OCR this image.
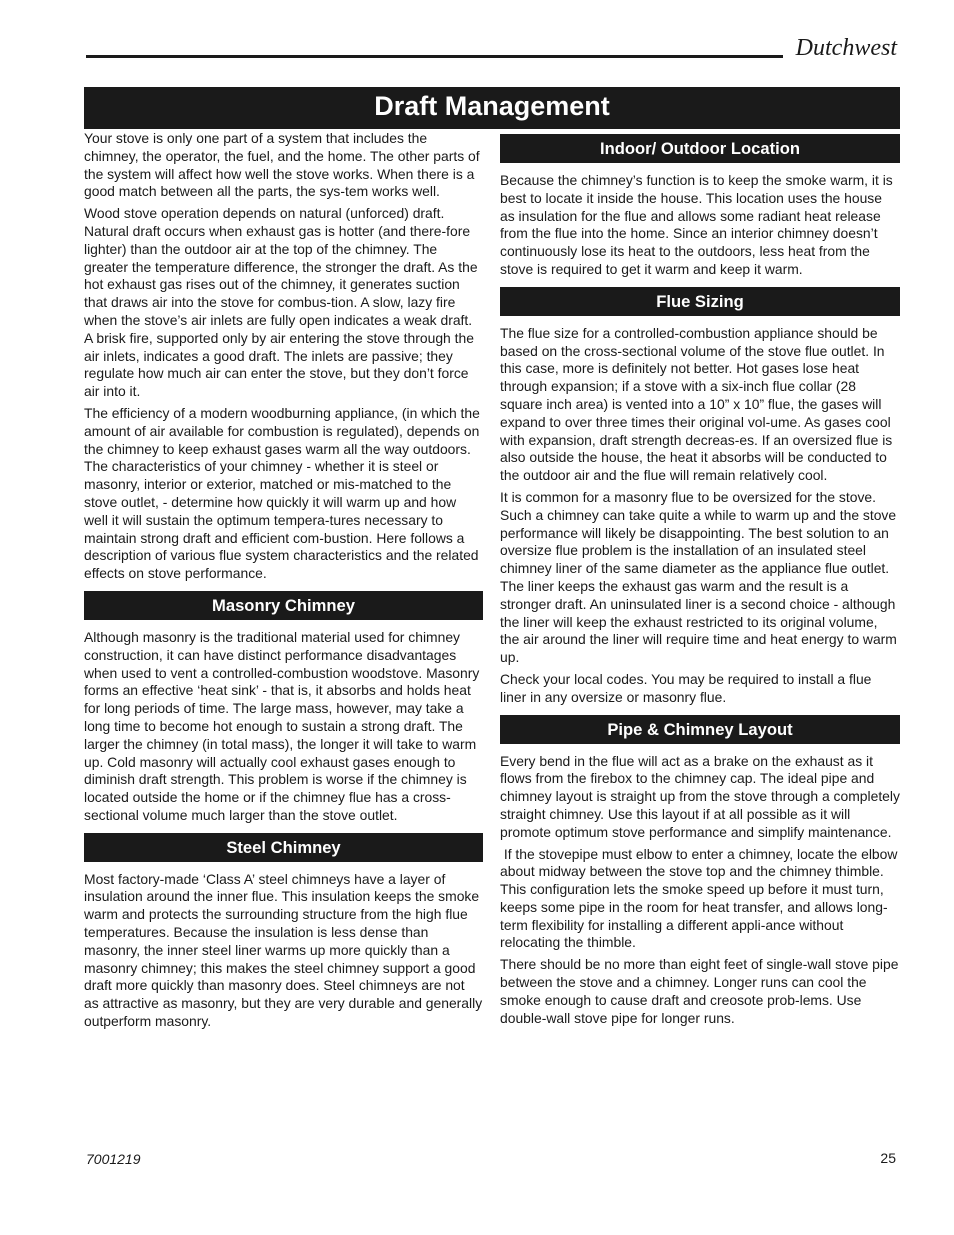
Dutchwest
Draft Management

Your stove is only one part of a system that includes the chimney, the operator, the fuel, and the home. The other parts of the system will affect how well the stove works. When there is a good match between all the parts, the sys-tem works well.

Wood stove operation depends on natural (unforced) draft. Natural draft occurs when exhaust gas is hotter (and there-fore lighter) than the outdoor air at the top of the chimney. The greater the temperature difference, the stronger the draft. As the hot exhaust gas rises out of the chimney, it generates suction that draws air into the stove for combus-tion. A slow, lazy fire when the stove’s air inlets are fully open indicates a weak draft. A brisk fire, supported only by air entering the stove through the air inlets, indicates a good draft. The inlets are passive; they regulate how much air can enter the stove, but they don’t force air into it.

The efficiency of a modern woodburning appliance, (in which the amount of air available for combustion is regulated), depends on the chimney to keep exhaust gases warm all the way outdoors. The characteristics of your chimney - whether it is steel or masonry, interior or exterior, matched or mis-matched to the stove outlet, - determine how quickly it will warm up and how well it will sustain the optimum tempera-tures necessary to maintain strong draft and efficient com-bustion. Here follows a description of various flue system characteristics and the related effects on stove performance.

Masonry Chimney

Although masonry is the traditional material used for chimney construction, it can have distinct performance disadvantages when used to vent a controlled-combustion woodstove. Masonry forms an effective ‘heat sink’ - that is, it absorbs and holds heat for long periods of time. The large mass, however, may take a long time to become hot enough to sustain a strong draft. The larger the chimney (in total mass), the longer it will take to warm up. Cold masonry will actually cool exhaust gases enough to diminish draft strength. This problem is worse if the chimney is located outside the home or if the chimney flue has a cross-sectional volume much larger than the stove outlet.

Steel Chimney

Most factory-made ‘Class A’ steel chimneys have a layer of insulation around the inner flue. This insulation keeps the smoke warm and protects the surrounding structure from the high flue temperatures. Because the insulation is less dense than masonry, the inner steel liner warms up more quickly than a masonry chimney; this makes the steel chimney support a good draft more quickly than masonry does. Steel chimneys are not as attractive as masonry, but they are very durable and generally outperform masonry.

Indoor/ Outdoor Location

Because the chimney’s function is to keep the smoke warm, it is best to locate it inside the house. This location uses the house as insulation for the flue and allows some radiant heat release from the flue into the home. Since an interior chimney doesn’t continuously lose its heat to the outdoors, less heat from the stove is required to get it warm and keep it warm.

Flue Sizing

The flue size for a controlled-combustion appliance should be based on the cross-sectional volume of the stove flue outlet. In this case, more is definitely not better. Hot gases lose heat through expansion; if a stove with a six-inch flue collar (28 square inch area) is vented into a 10” x 10” flue, the gases will expand to over three times their original vol-ume. As gases cool with expansion, draft strength decreas-es. If an oversized flue is also outside the house, the heat it absorbs will be conducted to the outdoor air and the flue will remain relatively cool.

It is common for a masonry flue to be oversized for the stove. Such a chimney can take quite a while to warm up and the stove performance will likely be disappointing. The best solution to an oversize flue problem is the installation of an insulated steel chimney liner of the same diameter as the appliance flue outlet. The liner keeps the exhaust gas warm and the result is a stronger draft. An uninsulated liner is a second choice - although the liner will keep the exhaust restricted to its original volume, the air around the liner will require time and heat energy to warm up.

Check your local codes. You may be required to install a flue liner in any oversize or masonry flue.

Pipe & Chimney Layout

Every bend in the flue will act as a brake on the exhaust as it flows from the firebox to the chimney cap. The ideal pipe and chimney layout is straight up from the stove through a completely straight chimney. Use this layout if at all possible as it will promote optimum stove performance and simplify maintenance.

If the stovepipe must elbow to enter a chimney, locate the elbow about midway between the stove top and the chimney thimble. This configuration lets the smoke speed up before it must turn, keeps some pipe in the room for heat transfer, and allows long-term flexibility for installing a different appli-ance without relocating the thimble.

There should be no more than eight feet of single-wall stove pipe between the stove and a chimney. Longer runs can cool the smoke enough to cause draft and creosote prob-lems. Use double-wall stove pipe for longer runs.

7001219	25
